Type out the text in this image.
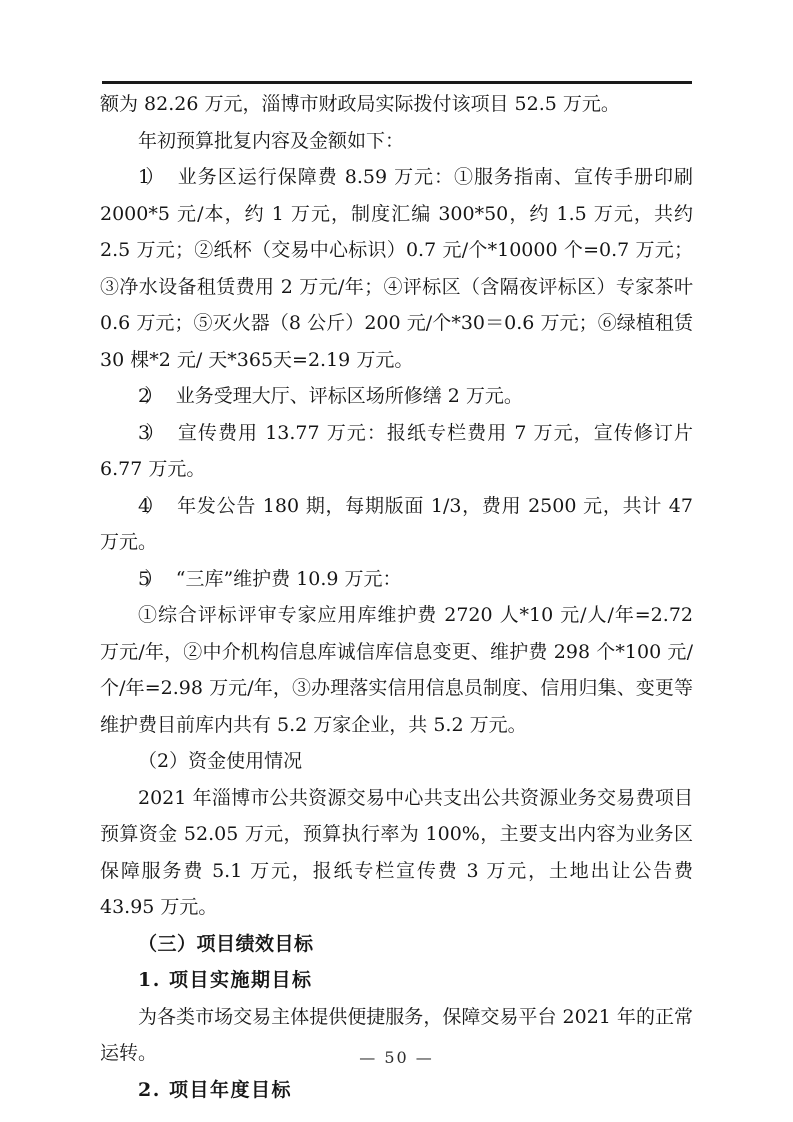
额为 82.26 万元，淄博市财政局实际拨付该项目 52.5 万元。

年初预算批复内容及金额如下：

1） 业务区运行保障费 8.59 万元：①服务指南、宣传手册印刷 2000*5 元/本，约 1 万元，制度汇编 300*50，约 1.5 万元，共约 2.5 万元；②纸杯（交易中心标识）0.7 元/个*10000 个=0.7 万元；③净水设备租赁费用 2 万元/年；④评标区（含隔夜评标区）专家茶叶 0.6 万元；⑤灭火器（8 公斤）200 元/个*30＝0.6 万元；⑥绿植租赁 30 棵*2 元/ 天*365天=2.19 万元。

2） 业务受理大厅、评标区场所修缮 2 万元。

3） 宣传费用 13.77 万元：报纸专栏费用 7 万元，宣传修订片 6.77 万元。

4） 年发公告 180 期，每期版面 1/3，费用 2500 元，共计 47 万元。

5） “三库”维护费 10.9 万元：

①综合评标评审专家应用库维护费 2720 人*10 元/人/年=2.72 万元/年，②中介机构信息库诚信库信息变更、维护费 298 个*100 元/个/年=2.98 万元/年，③办理落实信用信息员制度、信用归集、变更等维护费目前库内共有 5.2 万家企业，共 5.2 万元。

（2）资金使用情况

2021 年淄博市公共资源交易中心共支出公共资源业务交易费项目预算资金 52.05 万元，预算执行率为 100%，主要支出内容为业务区保障服务费 5.1 万元，报纸专栏宣传费 3 万元，土地出让公告费 43.95 万元。

（三）项目绩效目标

1. 项目实施期目标

为各类市场交易主体提供便捷服务，保障交易平台 2021 年的正常运转。

2. 项目年度目标

— 50 —
